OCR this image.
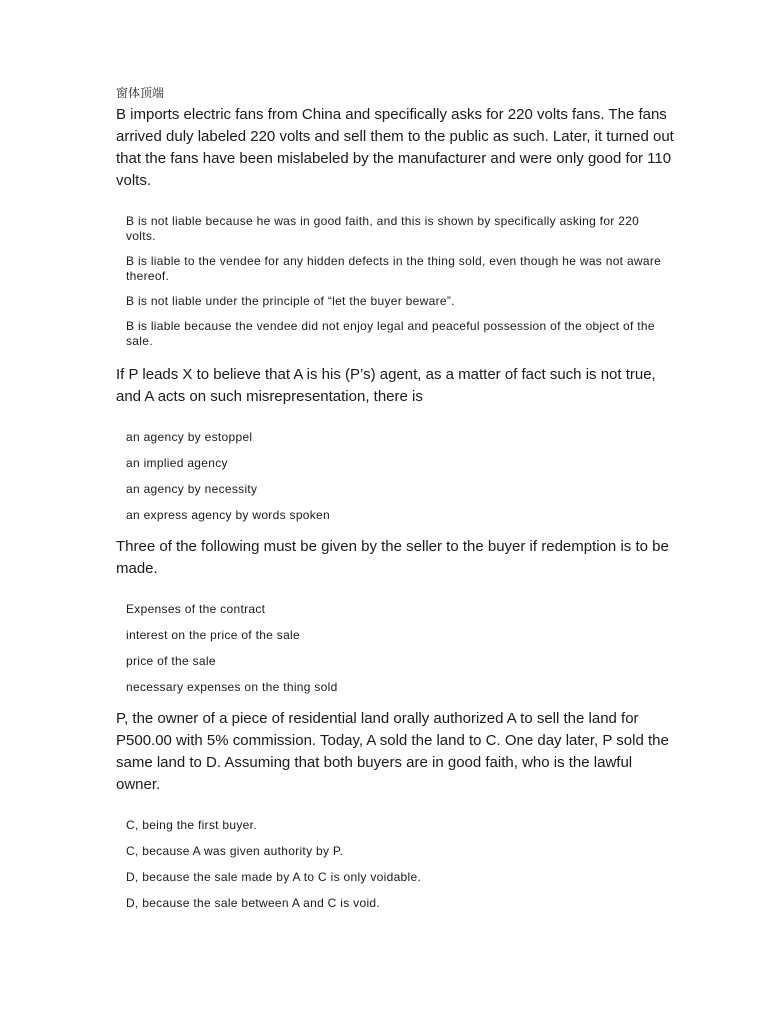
窗体顶端
B imports electric fans from China and specifically asks for 220 volts fans. The fans arrived duly labeled 220 volts and sell them to the public as such. Later, it turned out that the fans have been mislabeled by the manufacturer and were only good for 110 volts.
B is not liable because he was in good faith, and this is shown by specifically asking for 220 volts.
B is liable to the vendee for any hidden defects in the thing sold, even though he was not aware thereof.
B is not liable under the principle of “let the buyer beware”.
B is liable because the vendee did not enjoy legal and peaceful possession of the object of the sale.
If P leads X to believe that A is his (P’s) agent, as a matter of fact such is not true, and A acts on such misrepresentation, there is
an agency by estoppel
an implied agency
an agency by necessity
an express agency by words spoken
Three of the following must be given by the seller to the buyer if redemption is to be made.
Expenses of the contract
interest on the price of the sale
price of the sale
necessary expenses on the thing sold
P, the owner of a piece of residential land orally authorized A to sell the land for P500.00 with 5% commission. Today, A sold the land to C. One day later, P sold the same land to D. Assuming that both buyers are in good faith, who is the lawful owner.
C, being the first buyer.
C, because A was given authority by P.
D, because the sale made by A to C is only voidable.
D, because the sale between A and C is void.
